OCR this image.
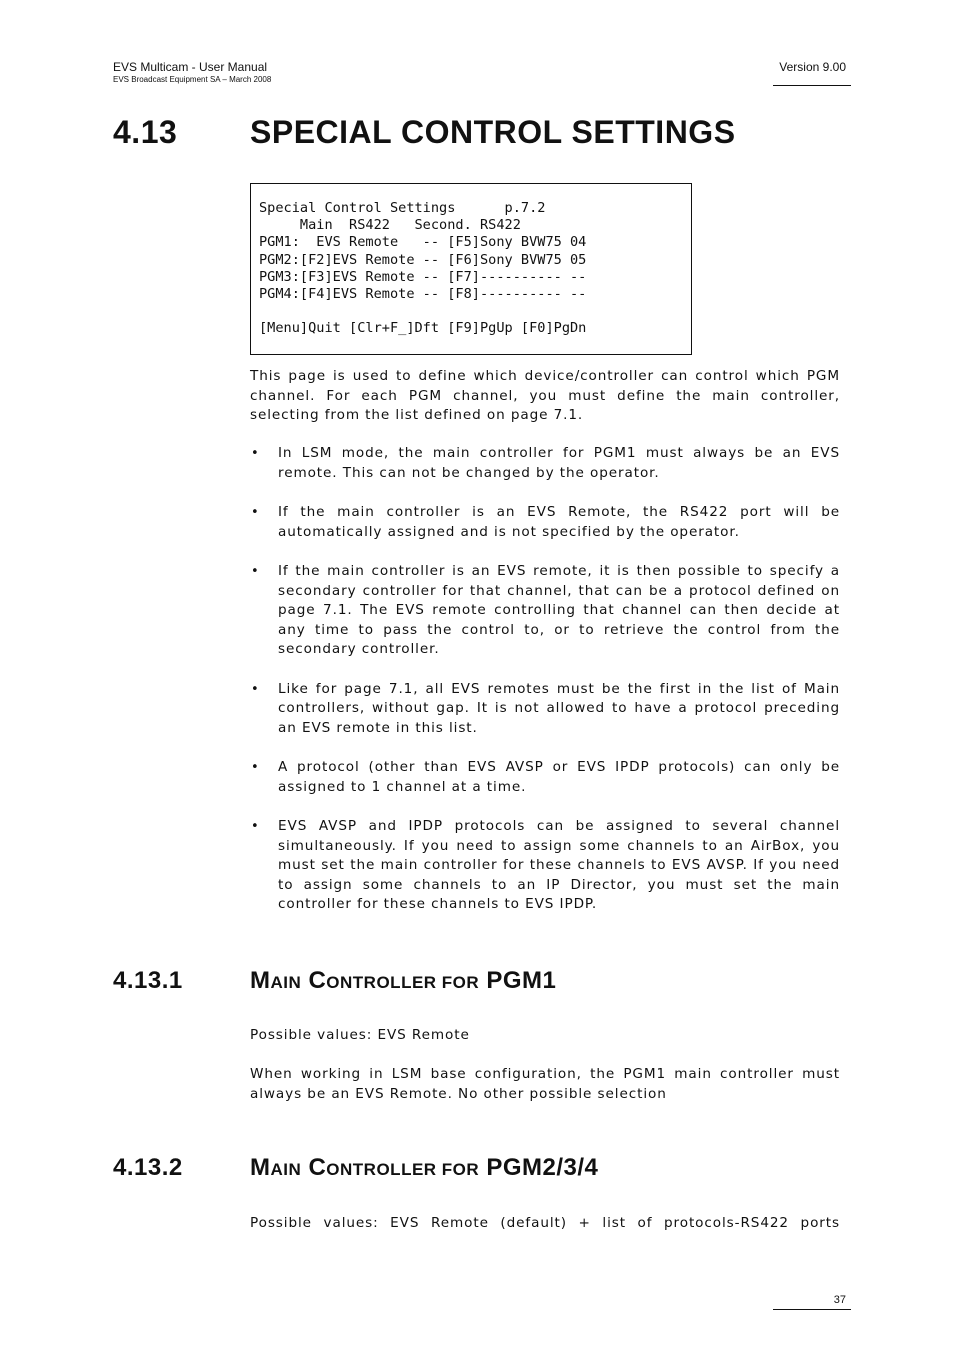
EVS Multicam - User Manual
EVS Broadcast Equipment SA – March 2008
Version 9.00
4.13 SPECIAL CONTROL SETTINGS
Special Control Settings      p.7.2
Main  RS422   Second. RS422
PGM1:  EVS Remote   -- [F5]Sony BVW75 04
PGM2:[F2]EVS Remote -- [F6]Sony BVW75 05
PGM3:[F3]EVS Remote -- [F7]---------- --
PGM4:[F4]EVS Remote -- [F8]---------- --

[Menu]Quit [Clr+F_]Dft [F9]PgUp [F0]PgDn

This page is used to define which device/controller can control which PGM channel. For each PGM channel, you must define the main controller, selecting from the list defined on page 7.1.

• In LSM mode, the main controller for PGM1 must always be an EVS remote. This can not be changed by the operator.
• If the main controller is an EVS Remote, the RS422 port will be automatically assigned and is not specified by the operator.
• If the main controller is an EVS remote, it is then possible to specify a secondary controller for that channel, that can be a protocol defined on page 7.1. The EVS remote controlling that channel can then decide at any time to pass the control to, or to retrieve the control from the secondary controller.
• Like for page 7.1, all EVS remotes must be the first in the list of Main controllers, without gap. It is not allowed to have a protocol preceding an EVS remote in this list.
• A protocol (other than EVS AVSP or EVS IPDP protocols) can only be assigned to 1 channel at a time.
• EVS AVSP and IPDP protocols can be assigned to several channel simultaneously. If you need to assign some channels to an AirBox, you must set the main controller for these channels to EVS AVSP. If you need to assign some channels to an IP Director, you must set the main controller for these channels to EVS IPDP.
4.13.1	MAIN CONTROLLER FOR PGM1

Possible values: EVS Remote

When working in LSM base configuration, the PGM1 main controller must always be an EVS Remote. No other possible selection

4.13.2	MAIN CONTROLLER FOR PGM2/3/4

Possible values: EVS Remote (default) + list of protocols-RS422 ports

37
